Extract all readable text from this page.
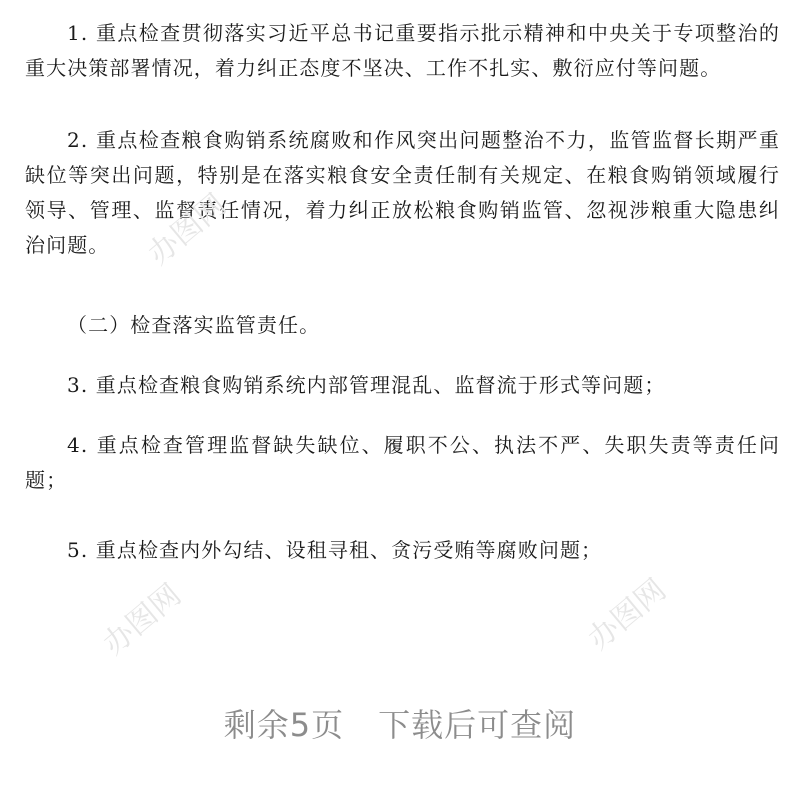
1. 重点检查贯彻落实习近平总书记重要指示批示精神和中央关于专项整治的重大决策部署情况，着力纠正态度不坚决、工作不扎实、敷衍应付等问题。

2. 重点检查粮食购销系统腐败和作风突出问题整治不力，监管监督长期严重缺位等突出问题，特别是在落实粮食安全责任制有关规定、在粮食购销领域履行领导、管理、监督责任情况，着力纠正放松粮食购销监管、忽视涉粮重大隐患纠治问题。

（二）检查落实监管责任。

3. 重点检查粮食购销系统内部管理混乱、监督流于形式等问题；

4. 重点检查管理监督缺失缺位、履职不公、执法不严、失职失责等责任问题；

5. 重点检查内外勾结、设租寻租、贪污受贿等腐败问题；

办图网
办图网	办图网
剩余5页 下载后可查阅
